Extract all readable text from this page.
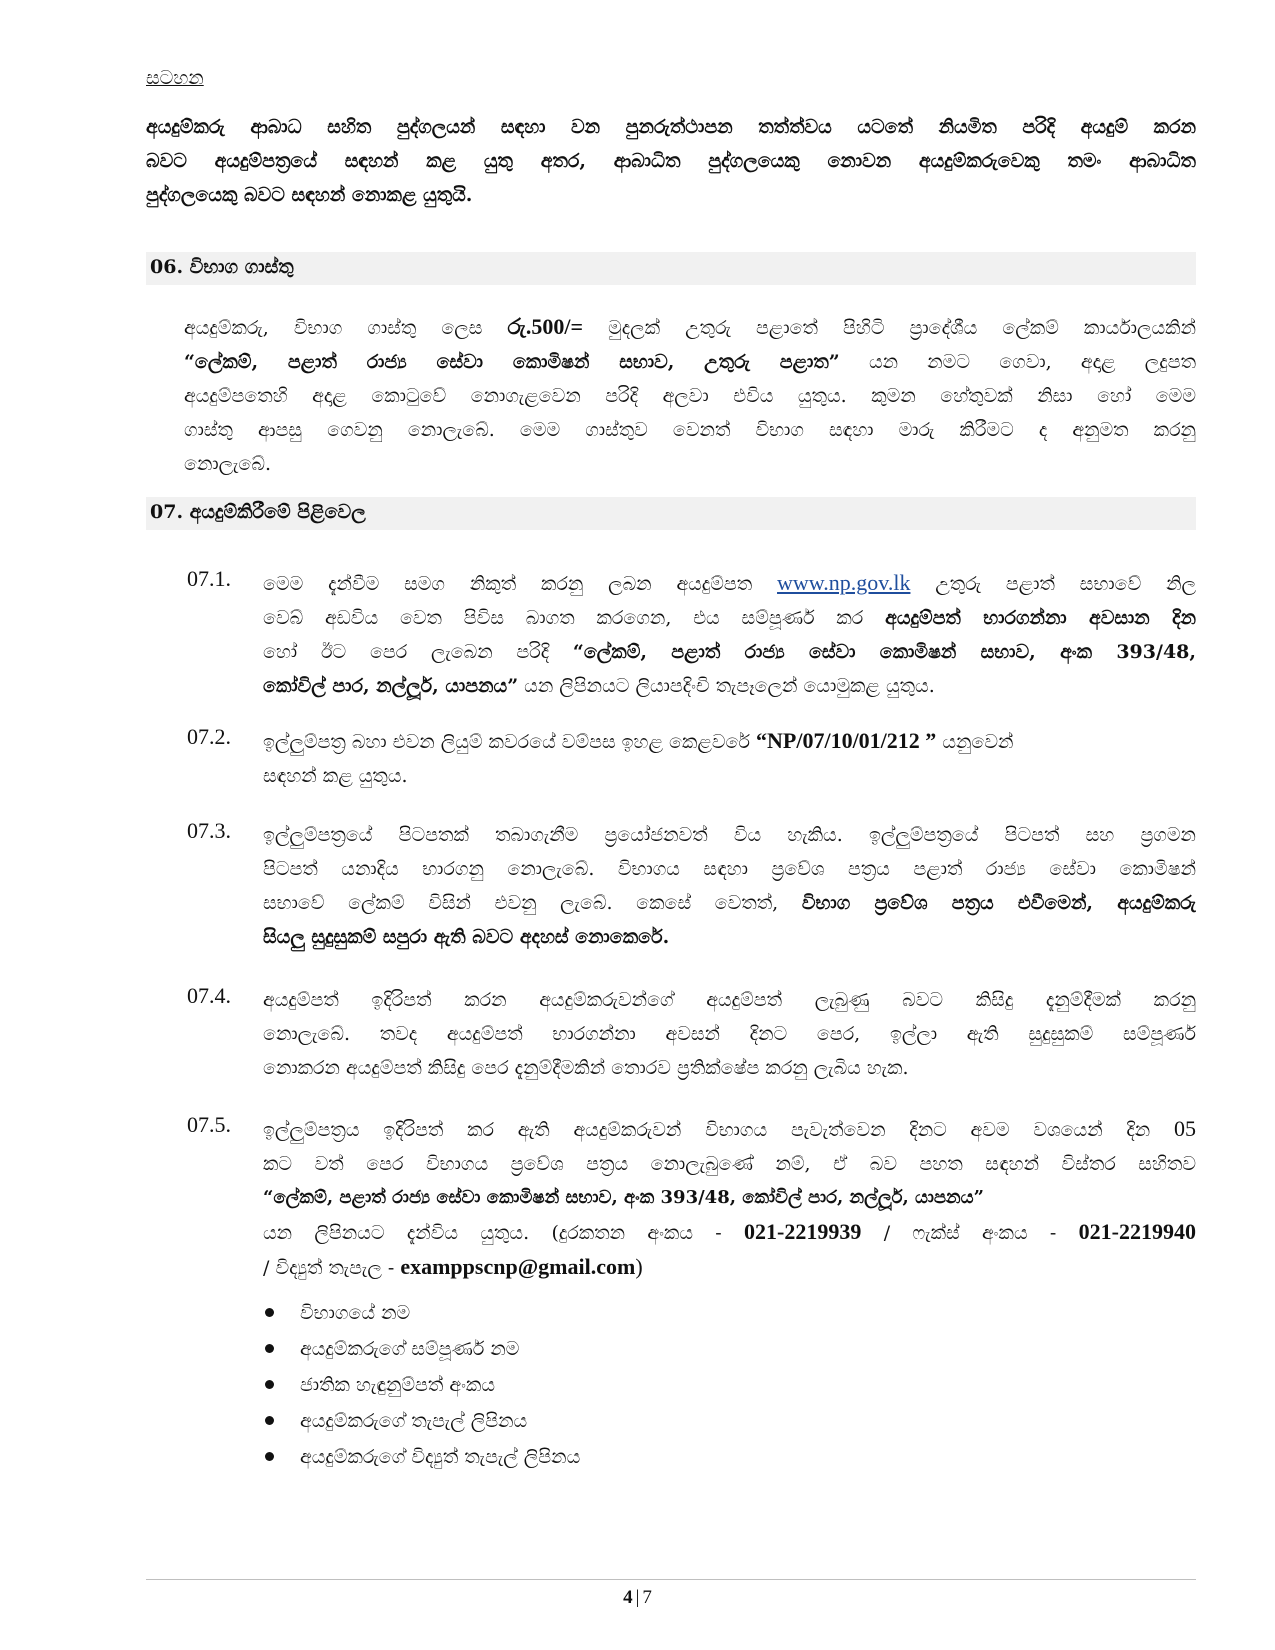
සටහන
අයදුම්කරු ආබාධ සහිත පුද්ගලයන් සඳහා වන පුනරුත්ථාපන තත්ත්වය යටතේ නියමිත පරිදි අයදුම් කරන
බවට අයදුම්පත්‍රයේ සඳහන් කළ යුතු අතර, ආබාධිත පුද්ගලයෙකු නොවන අයදුම්කරුවෙකු තමං ආබාධිත
පුද්ගලයෙකු බවට සඳහන් නොකළ යුතුයි.
06. විභාග ගාස්තු
අයදුම්කරු, විභාග ගාස්තු ලෙස රු.500/= මුදලක් උතුරු පළාතේ පිහිටි ප්‍රාදේශීය ලේකම් කාර්යාලයකින්
“ලේකම්, පළාත් රාජ්‍ය සේවා කොමිෂන් සභාව, උතුරු පළාත” යන නමට ගෙවා, අදාළ ලදුපත
අයදුම්පතෙහි අදාළ කොටුවේ නොගැළවෙන පරිදි අලවා එවිය යුතුය. කුමන හේතුවක් නිසා හෝ මෙම
ගාස්තු ආපසු ගෙවනු නොලැබේ. මෙම ගාස්තුව වෙනත් විභාග සඳහා මාරු කිරීමට ද අනුමත කරනු
නොලැබේ.
07. අයදුම්කිරීමේ පිළිවෙල
07.1. මෙම දැන්වීම සමග නිකුත් කරනු ලබන අයදුම්පත www.np.gov.lk උතුරු පළාත් සභාවේ නිල
වෙබ් අඩවිය වෙත පිවිස බාගත කරගෙන, එය සම්පූර්ණ කර අයදුම්පත් භාරගන්නා අවසාන දින
හෝ ඊට පෙර ලැබෙන පරිදි “ලේකම්, පළාත් රාජ්‍ය සේවා කොමිෂන් සභාව, අංක 393/48,
කෝවිල් පාර, නල්ලූර්, යාපනය” යන ලිපිනයට ලියාපදිංචි තැපෑලෙන් යොමුකළ යුතුය.
07.2. ඉල්ලුම්පත්‍ර බහා එවන ලියුම් කවරයේ වම්පස ඉහළ කෙළවරේ “NP/07/10/01/212 ” යනුවෙන්
සඳහන් කළ යුතුය.
07.3. ඉල්ලුම්පත්‍රයේ පිටපතක් තබාගැනීම ප්‍රයෝජනවත් විය හැකිය. ඉල්ලුම්පත්‍රයේ පිටපත් සහ ප්‍රගමන
පිටපත් යනාදිය භාරගනු නොලැබේ. විභාගය සඳහා ප්‍රවේශ පත්‍රය පළාත් රාජ්‍ය සේවා කොමිෂන්
සභාවේ ලේකම් විසින් එවනු ලැබේ. කෙසේ වෙතත්, විභාග ප්‍රවේශ පත්‍රය එවීමෙන්, අයදුම්කරු
සියලු සුදුසුකම් සපුරා ඇති බවට අදහස් නොකෙරේ.
07.4. අයදුම්පත් ඉදිරිපත් කරන අයදුම්කරුවන්ගේ අයදුම්පත් ලැබුණු බවට කිසිදු දැනුම්දීමක් කරනු
නොලැබේ. තවද අයදුම්පත් භාරගන්නා අවසන් දිනට පෙර, ඉල්ලා ඇති සුදුසුකම් සම්පූර්ණ
නොකරන අයදුම්පත් කිසිදු පෙර දැනුම්දීමකින් තොරව ප්‍රතික්ෂේප කරනු ලැබිය හැක.
07.5. ඉල්ලුම්පත්‍රය ඉදිරිපත් කර ඇති අයදුම්කරුවන් විභාගය පැවැත්වෙන දිනට අවම වශයෙන් දින 05
කට වත් පෙර විභාගය ප්‍රවේශ පත්‍රය නොලැබුණේ නම්, ඒ බව පහත සඳහන් විස්තර සහිතව
“ලේකම්, පළාත් රාජ්‍ය සේවා කොමිෂන් සභාව, අංක 393/48, කෝවිල් පාර, නල්ලූර්, යාපනය”
යන ලිපිනයට දැන්විය යුතුය. (දුරකතන අංකය - 021-2219939 / ෆැක්ස් අංකය - 021-2219940
/ විද්‍යුත් තැපැල - examppscnp@gmail.com)
විභාගයේ නම
අයදුම්කරුගේ සම්පූර්ණ නම
ජාතික හැඳුනුම්පත් අංකය
අයදුම්කරුගේ තැපැල් ලිපිනය
අයදුම්කරුගේ විද්‍යුත් තැපැල් ලිපිනය
4 | 7
